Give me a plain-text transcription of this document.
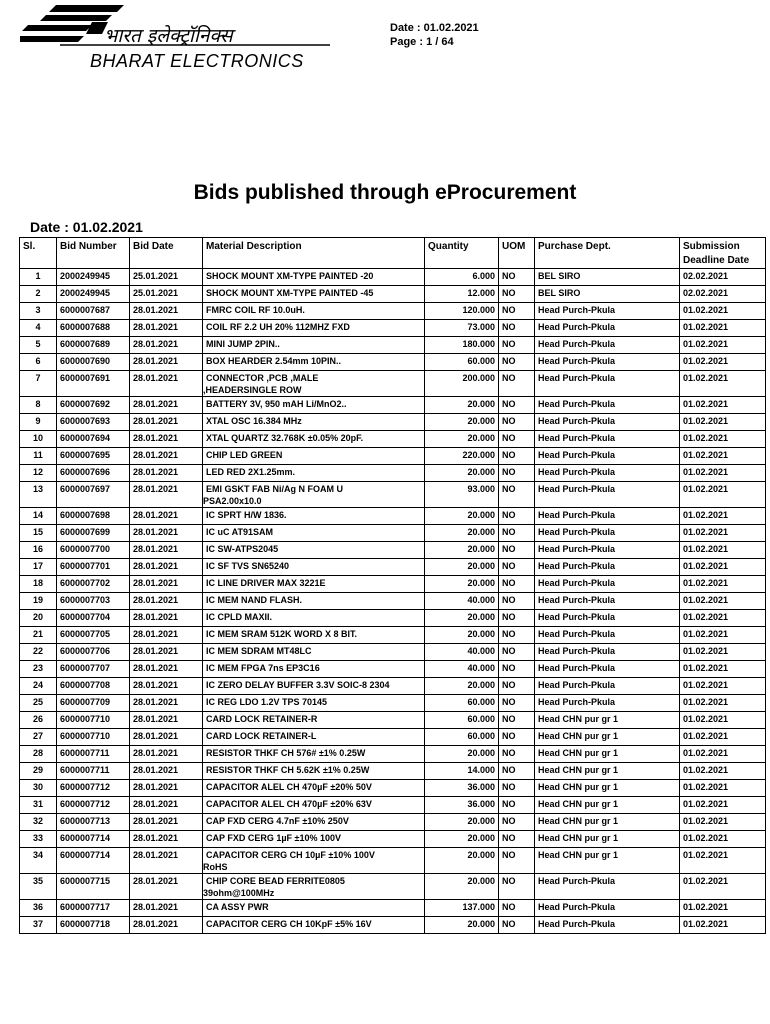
भारत इलेक्ट्रॉनिक्स
BHARAT ELECTRONICS
Date : 01.02.2021
Page : 1 / 64
Bids published through eProcurement
Date : 01.02.2021
Sl.	Bid Number	Bid Date	Material Description	Quantity	UOM	Purchase Dept.	Submission Deadline Date
1	2000249945	25.01.2021	SHOCK MOUNT XM-TYPE PAINTED -20	6.000	NO	BEL SIRO	02.02.2021
2	2000249945	25.01.2021	SHOCK MOUNT XM-TYPE PAINTED -45	12.000	NO	BEL SIRO	02.02.2021
3	6000007687	28.01.2021	FMRC COIL RF 10.0uH.	120.000	NO	Head Purch-Pkula	01.02.2021
4	6000007688	28.01.2021	COIL RF 2.2 UH 20% 112MHZ FXD	73.000	NO	Head Purch-Pkula	01.02.2021
5	6000007689	28.01.2021	MINI JUMP 2PIN..	180.000	NO	Head Purch-Pkula	01.02.2021
6	6000007690	28.01.2021	BOX HEARDER 2.54mm 10PIN..	60.000	NO	Head Purch-Pkula	01.02.2021
7	6000007691	28.01.2021	CONNECTOR ,PCB ,MALE
,HEADERSINGLE ROW	200.000	NO	Head Purch-Pkula	01.02.2021
8	6000007692	28.01.2021	BATTERY 3V, 950 mAH Li/MnO2..	20.000	NO	Head Purch-Pkula	01.02.2021
9	6000007693	28.01.2021	XTAL OSC 16.384 MHz	20.000	NO	Head Purch-Pkula	01.02.2021
10	6000007694	28.01.2021	XTAL QUARTZ 32.768K ±0.05% 20pF.	20.000	NO	Head Purch-Pkula	01.02.2021
11	6000007695	28.01.2021	CHIP LED GREEN	220.000	NO	Head Purch-Pkula	01.02.2021
12	6000007696	28.01.2021	LED RED 2X1.25mm.	20.000	NO	Head Purch-Pkula	01.02.2021
13	6000007697	28.01.2021	EMI GSKT FAB Ni/Ag N FOAM U
PSA2.00x10.0	93.000	NO	Head Purch-Pkula	01.02.2021
14	6000007698	28.01.2021	IC SPRT H/W 1836.	20.000	NO	Head Purch-Pkula	01.02.2021
15	6000007699	28.01.2021	IC uC AT91SAM	20.000	NO	Head Purch-Pkula	01.02.2021
16	6000007700	28.01.2021	IC SW-ATPS2045	20.000	NO	Head Purch-Pkula	01.02.2021
17	6000007701	28.01.2021	IC SF TVS SN65240	20.000	NO	Head Purch-Pkula	01.02.2021
18	6000007702	28.01.2021	IC LINE DRIVER MAX 3221E	20.000	NO	Head Purch-Pkula	01.02.2021
19	6000007703	28.01.2021	IC MEM NAND FLASH.	40.000	NO	Head Purch-Pkula	01.02.2021
20	6000007704	28.01.2021	IC CPLD MAXII.	20.000	NO	Head Purch-Pkula	01.02.2021
21	6000007705	28.01.2021	IC MEM SRAM 512K WORD X 8 BIT.	20.000	NO	Head Purch-Pkula	01.02.2021
22	6000007706	28.01.2021	IC MEM SDRAM MT48LC	40.000	NO	Head Purch-Pkula	01.02.2021
23	6000007707	28.01.2021	IC MEM FPGA 7ns EP3C16	40.000	NO	Head Purch-Pkula	01.02.2021
24	6000007708	28.01.2021	IC ZERO DELAY BUFFER 3.3V SOIC-8 2304	20.000	NO	Head Purch-Pkula	01.02.2021
25	6000007709	28.01.2021	IC REG LDO 1.2V TPS 70145	60.000	NO	Head Purch-Pkula	01.02.2021
26	6000007710	28.01.2021	CARD LOCK RETAINER-R	60.000	NO	Head CHN pur gr 1	01.02.2021
27	6000007710	28.01.2021	CARD LOCK RETAINER-L	60.000	NO	Head CHN pur gr 1	01.02.2021
28	6000007711	28.01.2021	RESISTOR THKF CH 576# ±1% 0.25W	20.000	NO	Head CHN pur gr 1	01.02.2021
29	6000007711	28.01.2021	RESISTOR THKF CH 5.62K ±1% 0.25W	14.000	NO	Head CHN pur gr 1	01.02.2021
30	6000007712	28.01.2021	CAPACITOR ALEL CH 470µF ±20% 50V	36.000	NO	Head CHN pur gr 1	01.02.2021
31	6000007712	28.01.2021	CAPACITOR ALEL CH 470µF ±20% 63V	36.000	NO	Head CHN pur gr 1	01.02.2021
32	6000007713	28.01.2021	CAP FXD CERG 4.7nF ±10% 250V	20.000	NO	Head CHN pur gr 1	01.02.2021
33	6000007714	28.01.2021	CAP FXD CERG 1µF ±10% 100V	20.000	NO	Head CHN pur gr 1	01.02.2021
34	6000007714	28.01.2021	CAPACITOR CERG CH 10µF ±10% 100V
RoHS	20.000	NO	Head CHN pur gr 1	01.02.2021
35	6000007715	28.01.2021	CHIP CORE BEAD FERRITE0805
39ohm@100MHz	20.000	NO	Head Purch-Pkula	01.02.2021
36	6000007717	28.01.2021	CA ASSY PWR	137.000	NO	Head Purch-Pkula	01.02.2021
37	6000007718	28.01.2021	CAPACITOR CERG CH 10KpF ±5% 16V	20.000	NO	Head Purch-Pkula	01.02.2021
